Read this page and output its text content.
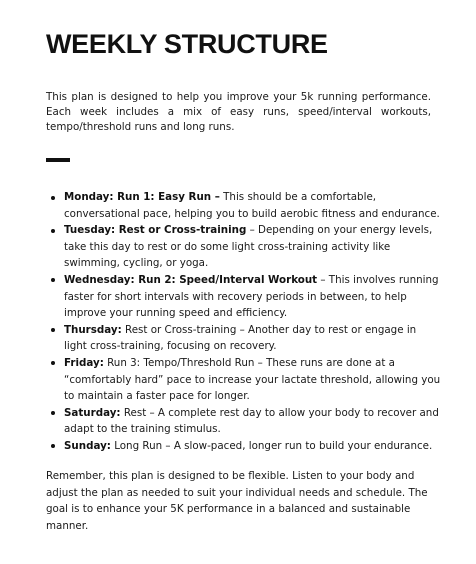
WEEKLY STRUCTURE

This plan is designed to help you improve your 5k running performance. Each week includes a mix of easy runs, speed/interval workouts, tempo/threshold runs and long runs.

Monday: Run 1: Easy Run – This should be a comfortable, conversational pace, helping you to build aerobic fitness and endurance.
Tuesday: Rest or Cross-training – Depending on your energy levels, take this day to rest or do some light cross-training activity like swimming, cycling, or yoga.
Wednesday: Run 2: Speed/Interval Workout – This involves running faster for short intervals with recovery periods in between, to help improve your running speed and efficiency.
Thursday: Rest or Cross-training – Another day to rest or engage in light cross-training, focusing on recovery.
Friday: Run 3: Tempo/Threshold Run – These runs are done at a “comfortably hard” pace to increase your lactate threshold, allowing you to maintain a faster pace for longer.
Saturday: Rest – A complete rest day to allow your body to recover and adapt to the training stimulus.
Sunday: Long Run – A slow-paced, longer run to build your endurance.

Remember, this plan is designed to be flexible. Listen to your body and adjust the plan as needed to suit your individual needs and schedule. The goal is to enhance your 5K performance in a balanced and sustainable manner.
